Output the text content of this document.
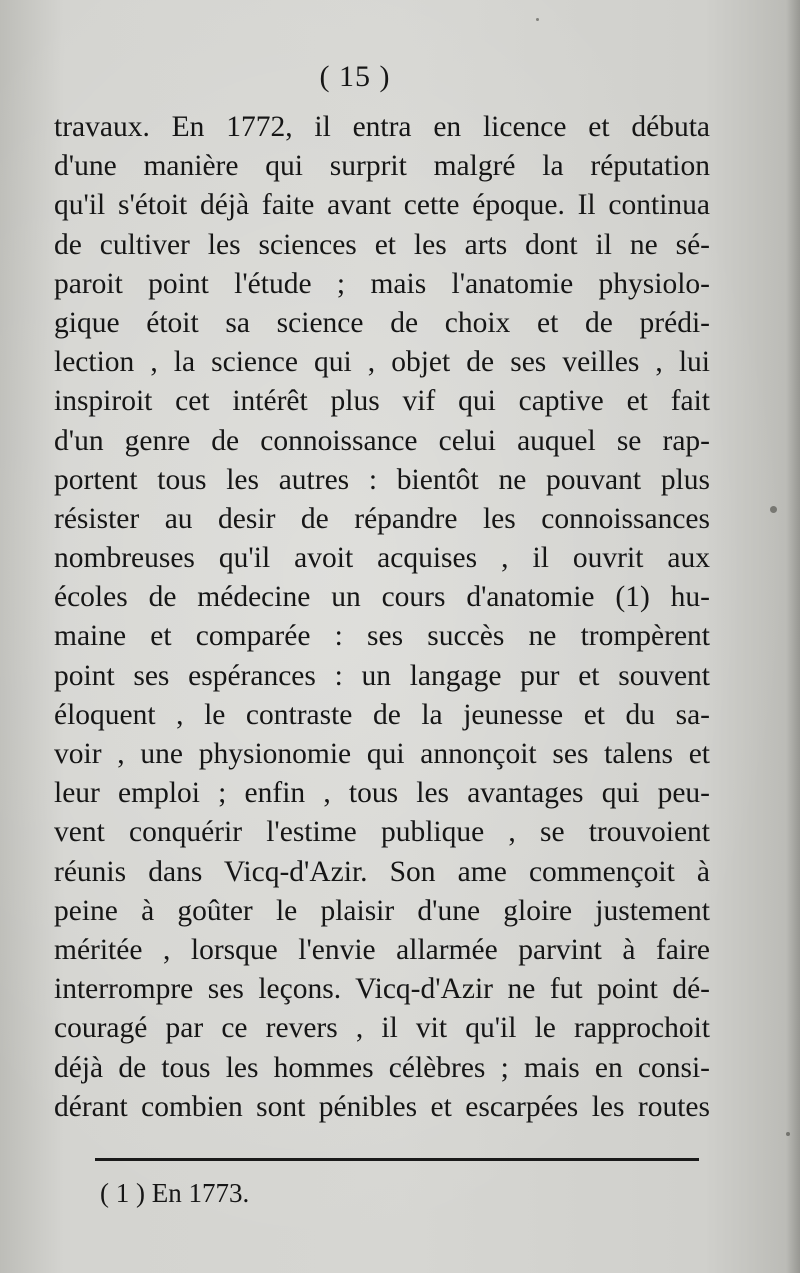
( 15 )
travaux. En 1772, il entra en licence et débuta
d'une manière qui surprit malgré la réputation
qu'il s'étoit déjà faite avant cette époque. Il continua
de cultiver les sciences et les arts dont il ne sé-
paroit point l'étude ; mais l'anatomie physiolo-
gique étoit sa science de choix et de prédi-
lection , la science qui , objet de ses veilles , lui
inspiroit cet intérêt plus vif qui captive et fait
d'un genre de connoissance celui auquel se rap-
portent tous les autres : bientôt ne pouvant plus
résister au desir de répandre les connoissances
nombreuses qu'il avoit acquises , il ouvrit aux
écoles de médecine un cours d'anatomie (1) hu-
maine et comparée : ses succès ne trompèrent
point ses espérances : un langage pur et souvent
éloquent , le contraste de la jeunesse et du sa-
voir , une physionomie qui annonçoit ses talens et
leur emploi ; enfin , tous les avantages qui peu-
vent conquérir l'estime publique , se trouvoient
réunis dans Vicq-d'Azir. Son ame commençoit à
peine à goûter le plaisir d'une gloire justement
méritée , lorsque l'envie allarmée parvint à faire
interrompre ses leçons. Vicq-d'Azir ne fut point dé-
couragé par ce revers , il vit qu'il le rapprochoit
déjà de tous les hommes célèbres ; mais en consi-
dérant combien sont pénibles et escarpées les routes
( 1 ) En 1773.
